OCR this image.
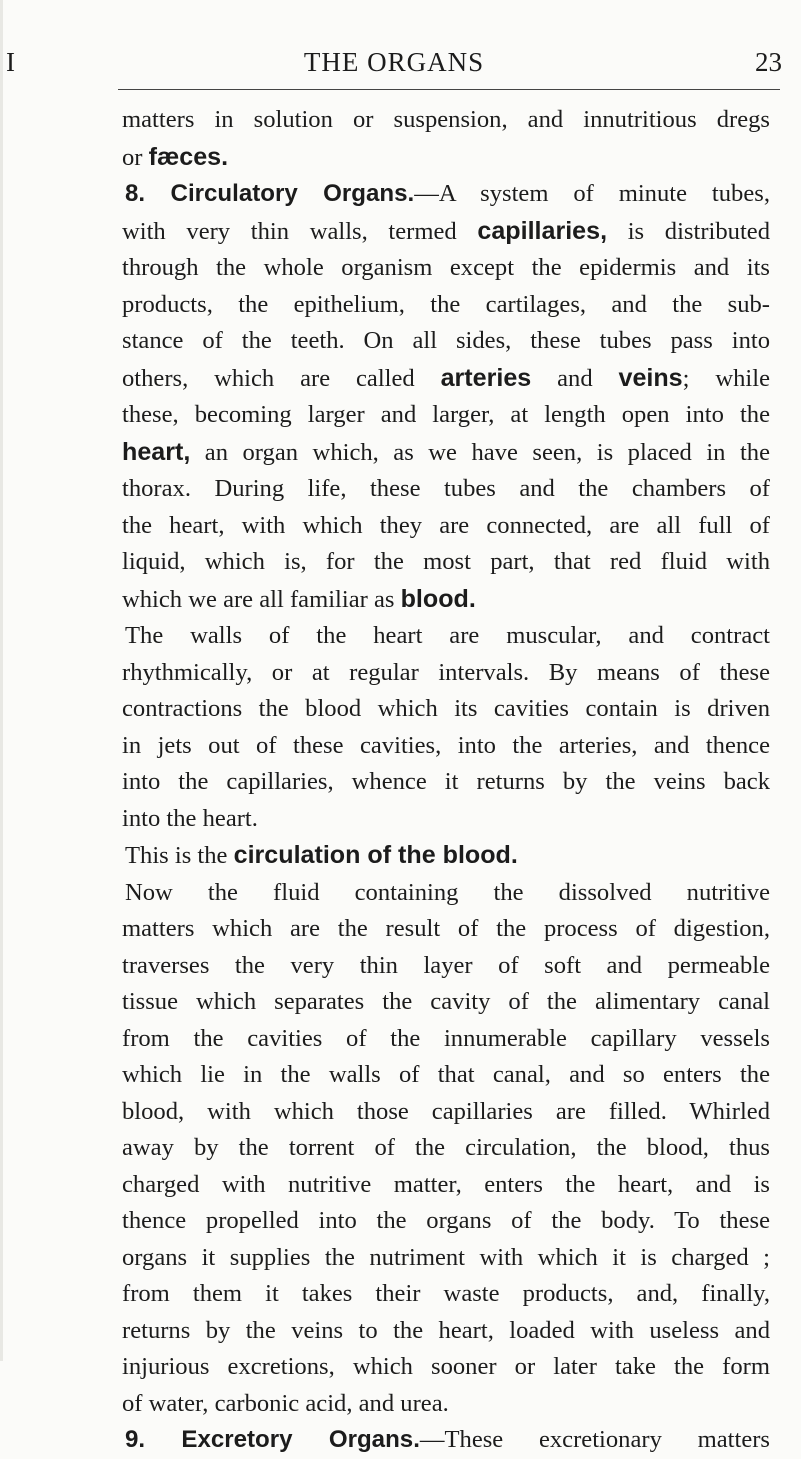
I	THE ORGANS	23
matters in solution or suspension, and innutritious dregs
or fæces.
8. Circulatory Organs.—A system of minute tubes,
with very thin walls, termed capillaries, is distributed
through the whole organism except the epidermis and its
products, the epithelium, the cartilages, and the sub-
stance of the teeth. On all sides, these tubes pass into
others, which are called arteries and veins; while
these, becoming larger and larger, at length open into the
heart, an organ which, as we have seen, is placed in the
thorax. During life, these tubes and the chambers of
the heart, with which they are connected, are all full of
liquid, which is, for the most part, that red fluid with
which we are all familiar as blood.
The walls of the heart are muscular, and contract
rhythmically, or at regular intervals. By means of these
contractions the blood which its cavities contain is driven
in jets out of these cavities, into the arteries, and thence
into the capillaries, whence it returns by the veins back
into the heart.
This is the circulation of the blood.
Now the fluid containing the dissolved nutritive
matters which are the result of the process of digestion,
traverses the very thin layer of soft and permeable
tissue which separates the cavity of the alimentary canal
from the cavities of the innumerable capillary vessels
which lie in the walls of that canal, and so enters the
blood, with which those capillaries are filled. Whirled
away by the torrent of the circulation, the blood, thus
charged with nutritive matter, enters the heart, and is
thence propelled into the organs of the body. To these
organs it supplies the nutriment with which it is charged ;
from them it takes their waste products, and, finally,
returns by the veins to the heart, loaded with useless and
injurious excretions, which sooner or later take the form
of water, carbonic acid, and urea.
9. Excretory Organs.—These excretionary matters
